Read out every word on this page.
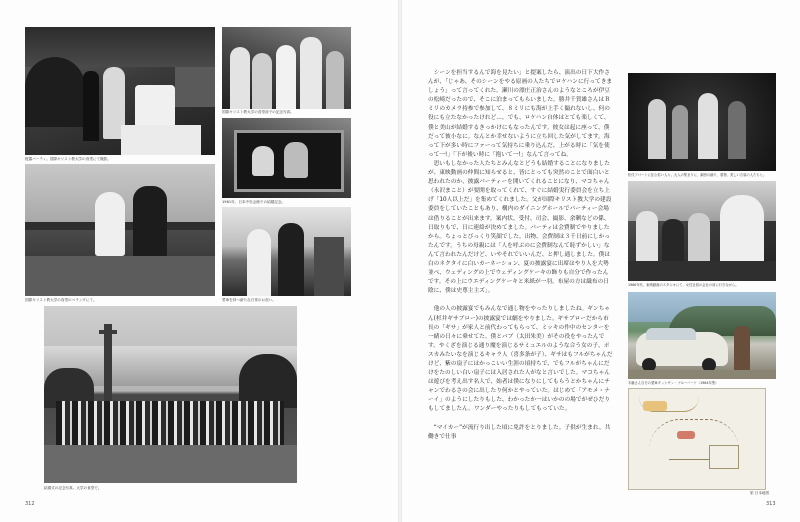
披露パーティ。国際キリスト教大学の食堂にて撮影。
国際キリスト教大学の食堂前での記念写真。
1961年、日本中央会館での結婚記念。
国際キリスト教大学の食堂のベランダにて。	愛車を持つ新たな日常のお祝い。
結婚式の記念写真。大学の食堂で。
312

シーンを担当するんで海を見たい」と提案したら、演出の日下大作さんが、「じゃあ、そのシーンをやる原画の人たちでロケハンに行ってきましょう」って言ってくれた。瀬川の漂庄正治さんのようなところが伊豆の松崎だったので、そこに泊まってもらいました。勝井千賀雄さんはＢミリのカメラ持参で参加して、８ミリにも海が上手く撮れないし、何の役にも立たなかったけれど…。でも、ロケハン自体はとても楽しくて、僕と美山が結婚するきっかけにもなったんです。彼女は起に座って、僕だって彼小なに。なんとか幸せないように立ち回した気がしてます。海って下が多い時にファーって気持ちに乗り込んだ、上がる時に「気を使って一!」「下が後い時に「抱いて一!」なんて言ってね。

思いもしなかった人たちとみんなとどうも結婚することになりましたが、東映動画の仲間に知らせると、皆にとっても突然のことで面白いと思われたのか、披露パーティーを開いてくれることになり、マコちゃん（永沢まこと）が要開を取ってくれて、すぐに結婚実行委員会を立ち上げ「10人以上だ」を集めてくれました。父が国際キリスト教大学の建設委員をしていたこともあり、構内のダイニングホールでパーティー会場は借りることが出来ます。案内状、受付、司会、撮影、余剰などの係、日取りもで、日に連絡が決めてました。パーティは会費制でやりましたから。ちょっとびっくり笑顔でした。出物、会費制は３千日前にしかったんです。うちの母親には「人を呼ぶのに会費制なんて恥ずかしい」なんて言われたんだけど、いやそれでいいんだ、と押し通しました。僕は白のネクタイに白いカーネーション、夏の披露宴に出席はやり人を大勢並べ、ウェディングの上でウェディングケーキの飾りも自分で作ったんです。その上にウエディングケーキと米紙が一羽。布屋の方は織布の日陰に、僕は史尊主主ズ」。

他の人の披露宴でもみんなで通し物をやったりしましたね。ギンちゃん(杉井ギサブロー)の披露宴では劇をやりました。ギサブローだから市長の「ギサ」が家人と前代わってもらって、ミッキの作中のセンターを一緒の日々に乗せてた。僕とバブ（太田朱美）がその役をやったんです。やくざを演じる通り魔を演じるサミュエルのような合う女の子、ポスカみたいなを演じるキャラ人（喜多条が子）、ギサはもフルがちゃんだけど、紫の扇子にはかっこいい生涯の頃持ちで、でもフルがちゃんにだけをたのしい白い扇子には入居された人がなと言いでした。マコちゃんは遊びを考え出す名人で、始者は僕になりにしてもらうとかちゃんにチャンでわるさの会に出したり何かとやっていた。はじめて「アモメ・ナーイ」のようにしたりもした、わかったか一はいかのの場でがぜひだりもしてましたん。ワンダーやったりもしてもっていた。

“マイカー”が流行り出した頃に免許をとりました。子供が生まれ、共働きで仕事

松代アパートに住む若い人々。大人の集まりに、劇団の踊り、着物、美しい衣装の人たちと。
1960年代、東映動画のスタジオにて、女性社員の会社の前に行きながら。
木藤さん自分の愛車ダットサン・ブルーバード（1964年型）
旅 日本地図
313
